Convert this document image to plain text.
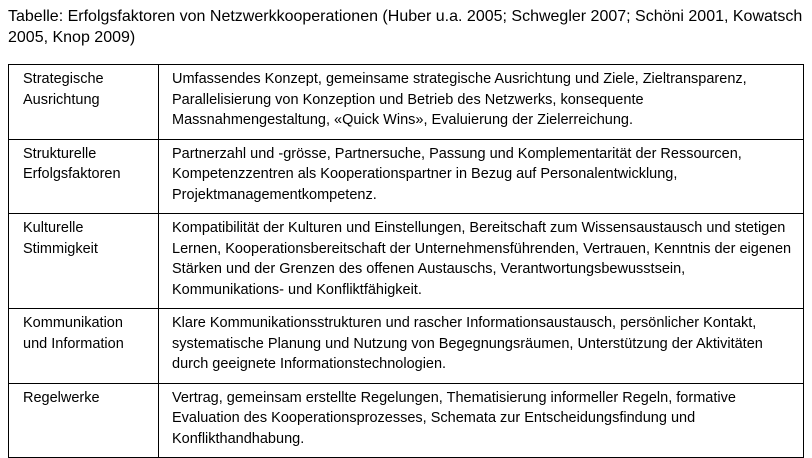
Tabelle: Erfolgsfaktoren von Netzwerkkooperationen (Huber u.a. 2005; Schwegler 2007; Schöni 2001, Kowatsch 2005, Knop 2009)

Strategische
Ausrichtung	Umfassendes Konzept, gemeinsame strategische Ausrichtung und Ziele, Zieltransparenz, Parallelisierung von Konzeption und Betrieb des Netzwerks, konsequente Massnahmengestaltung, «Quick Wins», Evaluierung der Zielerreichung.
Strukturelle
Erfolgsfaktoren	Partnerzahl und -grösse, Partnersuche, Passung und Komplementarität der Ressourcen, Kompetenzzentren als Kooperationspartner in Bezug auf Personalentwicklung, Projektmanagementkompetenz.
Kulturelle
Stimmigkeit	Kompatibilität der Kulturen und Einstellungen, Bereitschaft zum Wissensaustausch und stetigen Lernen, Kooperationsbereitschaft der Unternehmensführenden, Vertrauen, Kenntnis der eigenen Stärken und der Grenzen des offenen Austauschs, Verantwortungsbewusstsein, Kommunikations- und Konfliktfähigkeit.
Kommunikation
und Information	Klare Kommunikationsstrukturen und rascher Informationsaustausch, persönlicher Kontakt, systematische Planung und Nutzung von Begegnungsräumen, Unterstützung der Aktivitäten durch geeignete Informationstechnologien.
Regelwerke	Vertrag, gemeinsam erstellte Regelungen, Thematisierung informeller Regeln, formative Evaluation des Kooperationsprozesses, Schemata zur Entscheidungsfindung und Konflikthandhabung.
